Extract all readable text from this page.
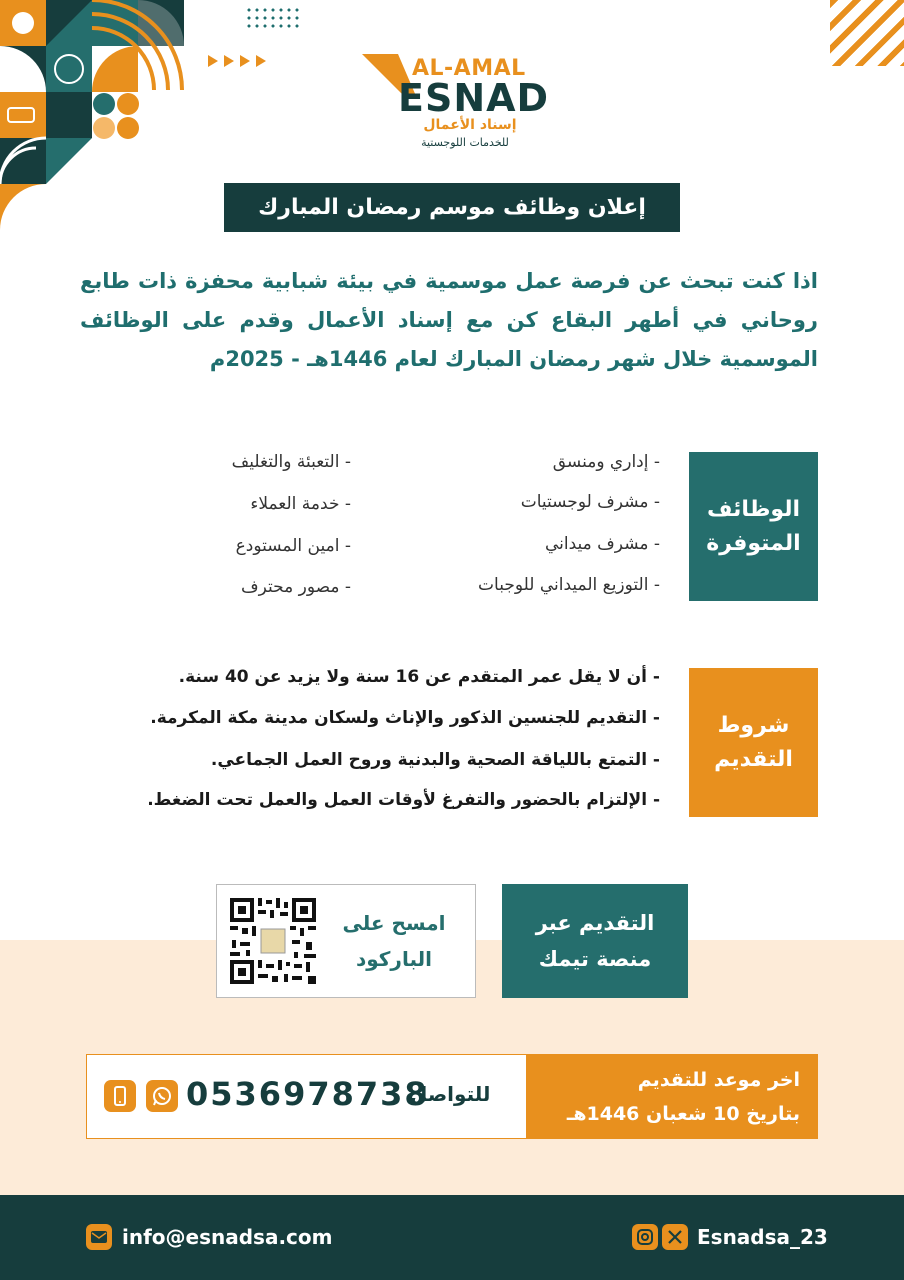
AL-AMAL
ESNAD
إسناد الأعمال
للخدمات اللوجستية
إعلان وظائف موسم رمضان المبارك
اذا كنت تبحث عن فرصة عمل موسمية في بيئة شبابية محفزة ذات طابع روحاني في أطهر البقاع كن مع إسناد الأعمال وقدم على الوظائف الموسمية خلال شهر رمضان المبارك لعام 1446هـ - 2025م
الوظائف
المتوفرة
- إداري ومنسق
- مشرف لوجستيات
- مشرف ميداني
- التوزيع الميداني للوجبات
- التعبئة والتغليف
- خدمة العملاء
- امين المستودع
- مصور محترف
شروط
التقديم
- أن لا يقل عمر المتقدم عن 16 سنة ولا يزيد عن 40 سنة.
- التقديم للجنسين الذكور والإناث ولسكان مدينة مكة المكرمة.
- التمتع باللياقة الصحية والبدنية وروح العمل الجماعي.
- الإلتزام بالحضور والتفرغ لأوقات العمل والعمل تحت الضغط.
التقديم عبر
منصة تيمك
امسح على
الباركود
اخر موعد للتقديم
بتاريخ 10 شعبان 1446هـ
للتواصل
0536978738
info@esnadsa.com	Esnadsa_23
